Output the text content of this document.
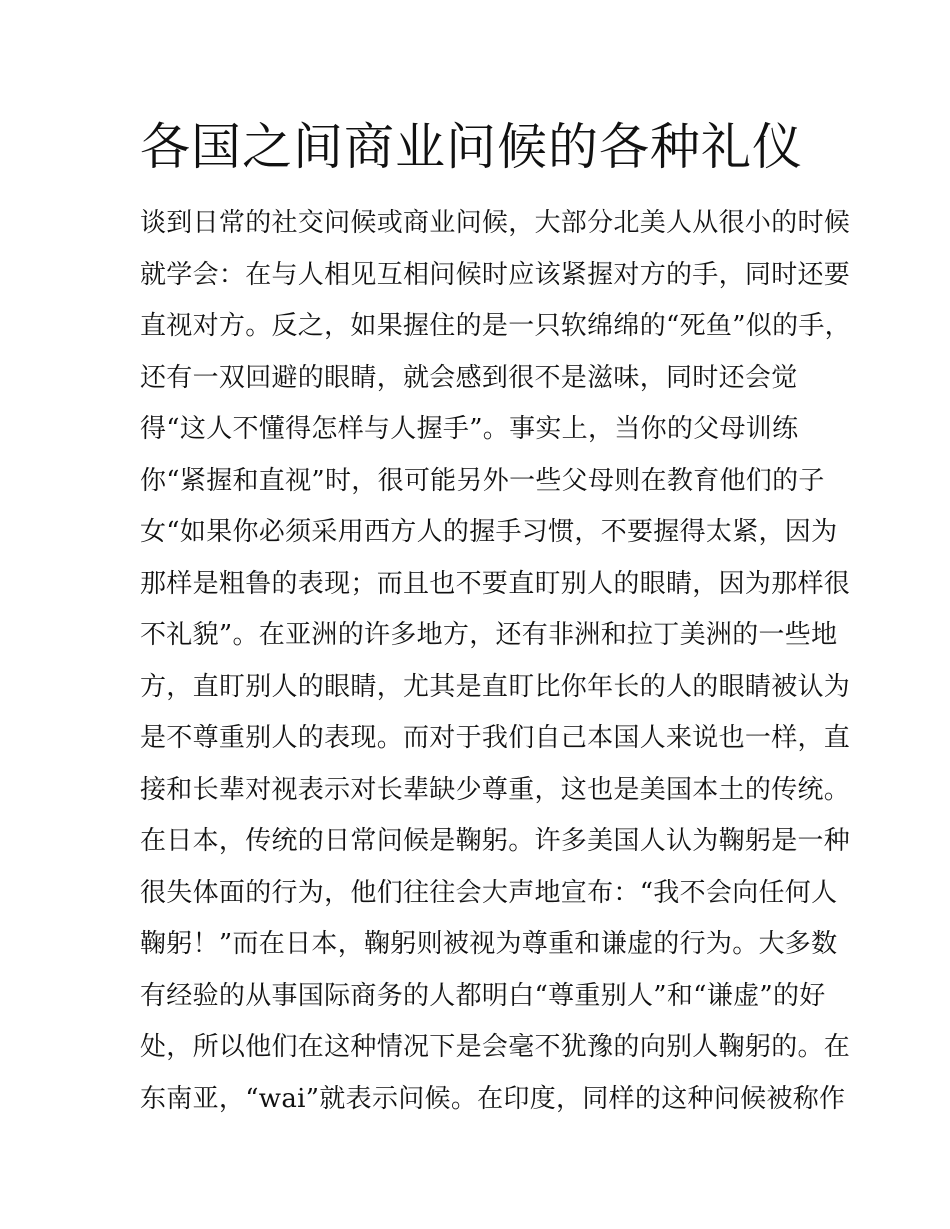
各国之间商业问候的各种礼仪
谈到日常的社交问候或商业问候，大部分北美人从很小的时候
就学会：在与人相见互相问候时应该紧握对方的手，同时还要
直视对方。反之，如果握住的是一只软绵绵的“死鱼”似的手，
还有一双回避的眼睛，就会感到很不是滋味，同时还会觉
得“这人不懂得怎样与人握手”。事实上，当你的父母训练
你“紧握和直视”时，很可能另外一些父母则在教育他们的子
女“如果你必须采用西方人的握手习惯，不要握得太紧，因为
那样是粗鲁的表现；而且也不要直盯别人的眼睛，因为那样很
不礼貌”。在亚洲的许多地方，还有非洲和拉丁美洲的一些地
方，直盯别人的眼睛，尤其是直盯比你年长的人的眼睛被认为
是不尊重别人的表现。而对于我们自己本国人来说也一样，直
接和长辈对视表示对长辈缺少尊重，这也是美国本土的传统。
在日本，传统的日常问候是鞠躬。许多美国人认为鞠躬是一种
很失体面的行为，他们往往会大声地宣布：“我不会向任何人
鞠躬！”而在日本，鞠躬则被视为尊重和谦虚的行为。大多数
有经验的从事国际商务的人都明白“尊重别人”和“谦虚”的好
处，所以他们在这种情况下是会毫不犹豫的向别人鞠躬的。在
东南亚，“wai”就表示问候。在印度，同样的这种问候被称作
